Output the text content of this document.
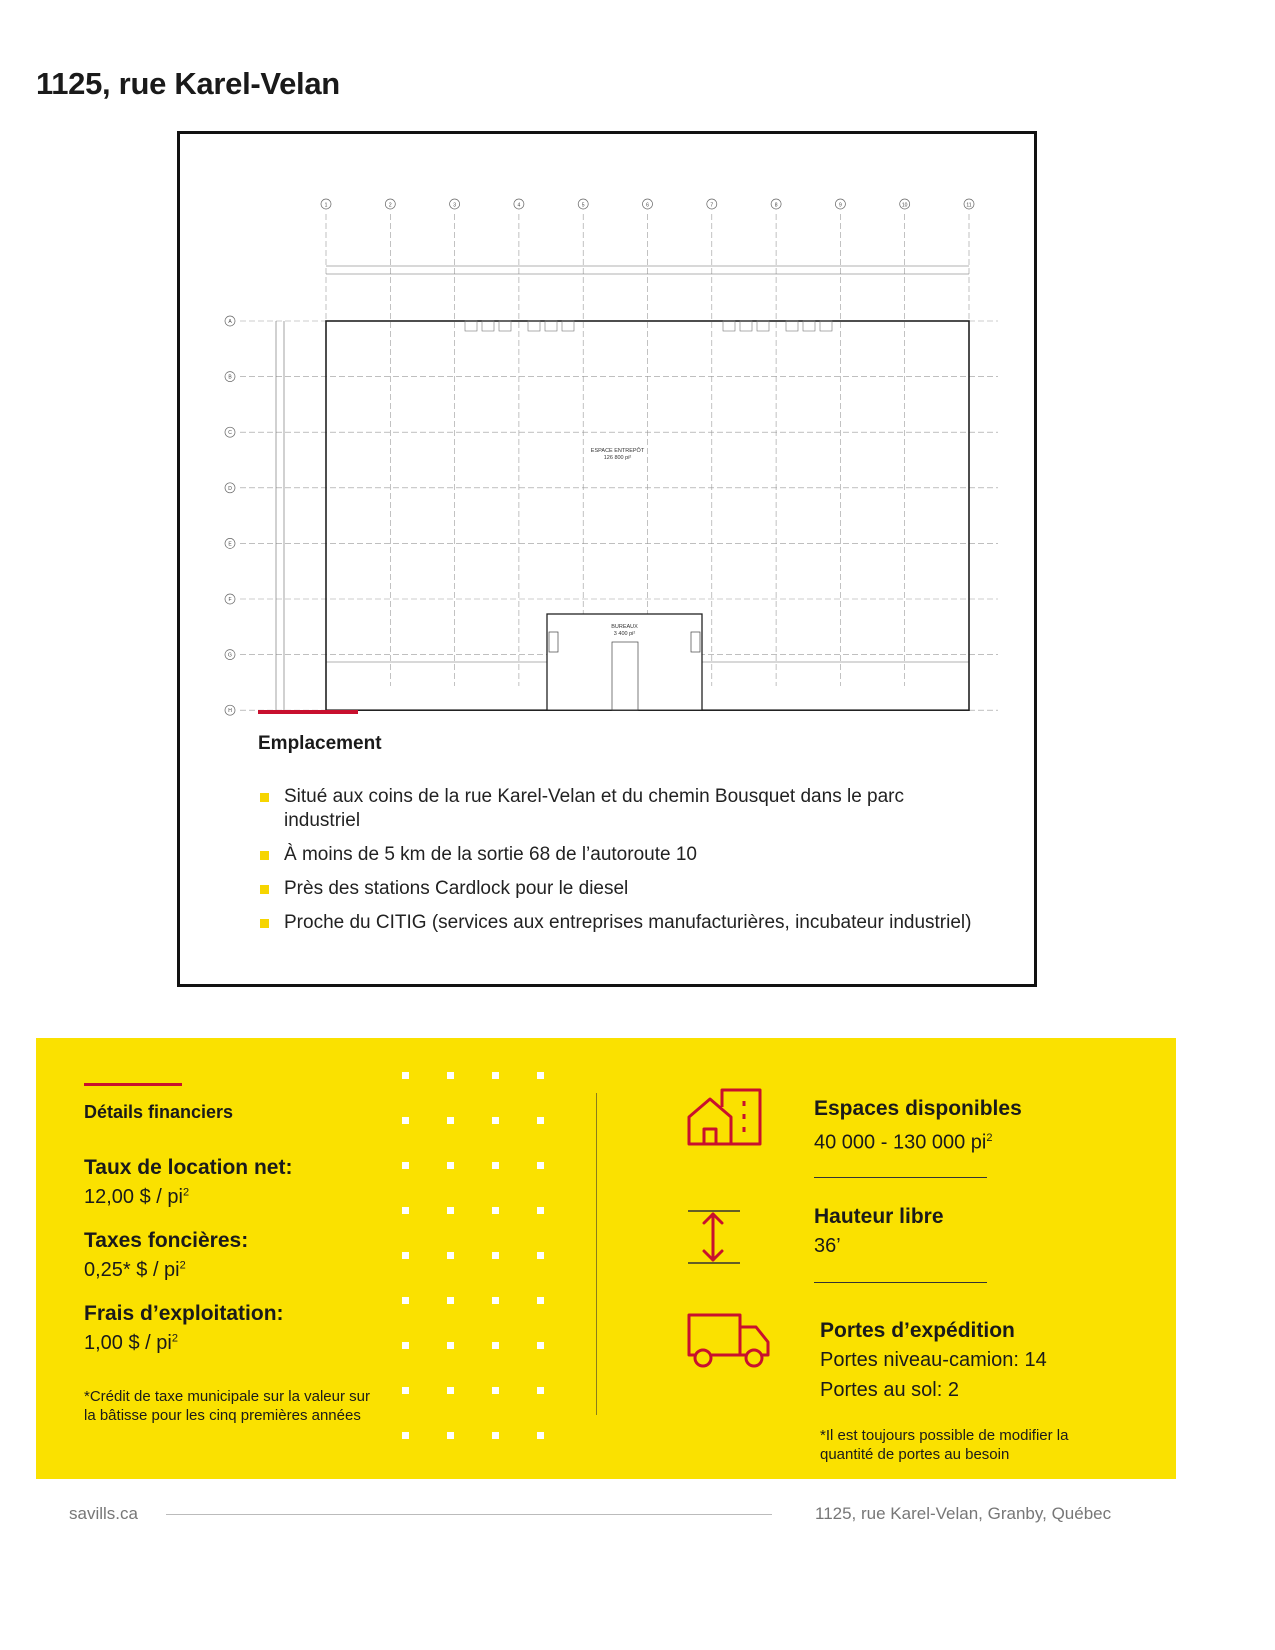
1125, rue Karel-Velan
1	2	3	4	5	6	7	8	9	10	11
A
B
C
D
E
F
G
H
ESPACE ENTREPÔT
126 800 pi²
BUREAUX
3 400 pi²
Emplacement
Situé aux coins de la rue Karel-Velan et du chemin Bousquet dans le parc industriel
À moins de 5 km de la sortie 68 de l’autoroute 10
Près des stations Cardlock pour le diesel
Proche du CITIG (services aux entreprises manufacturières, incubateur industriel)
Détails financiers
Taux de location net:
12,00 $ / $pi^2$
Taxes foncières:
0,25* $ / $pi^2$
Frais d’exploitation:
1,00 $ / $pi^2$
*Crédit de taxe municipale sur la valeur sur la bâtisse pour les cinq premières années
Espaces disponibles
40 000 - 130 000 $pi^2$
Hauteur libre
36’
Portes d’expédition
Portes niveau-camion: 14
Portes au sol: 2
*Il est toujours possible de modifier la quantité de portes au besoin
savills.ca	1125, rue Karel-Velan, Granby, Québec
